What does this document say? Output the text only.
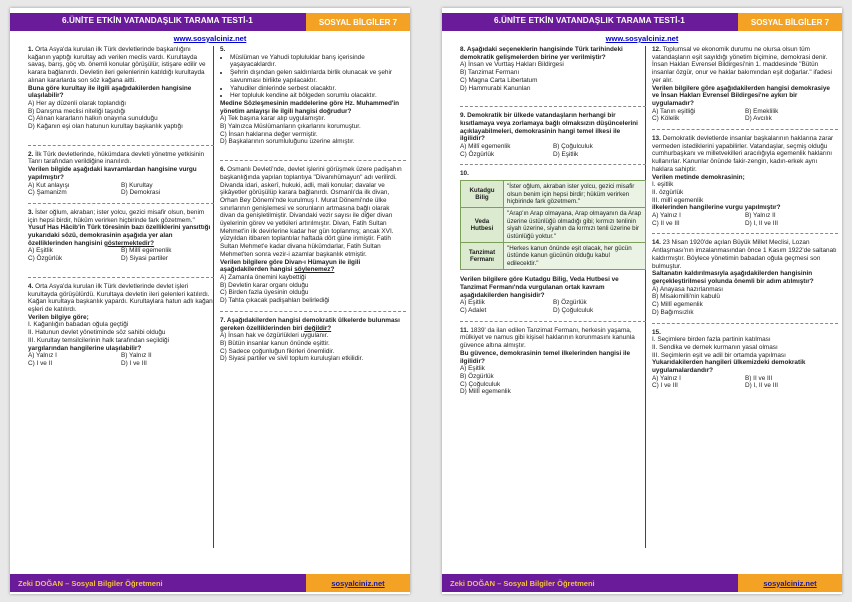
6.ÜNİTE ETKİN VATANDAŞLIK TARAMA TESTİ-1	SOSYAL BİLGİLER 7
www.sosyalciniz.net
1. Orta Asya'da kurulan ilk Türk devletlerinde başkanlığını kağanın yaptığı kurultay adı verilen meclis vardı. Kurultayda savaş, barış, göç vb. önemli konular görüşülür, istişare edilir ve karara bağlanırdı. Devletin ileri gelenlerinin katıldığı kurultayda alınan kararlarda son söz kağana aitti.
Buna göre kurultay ile ilgili aşağıdakilerden hangisine ulaşılabilir?
A) Her ay düzenli olarak toplandığı
B) Danışma meclisi niteliği taşıdığı
C) Alınan kararların halkın onayına sunulduğu
D) Kağanın eşi olan hatunun kurultay başkanlık yaptığı
2. İlk Türk devletlerinde, hükümdara devleti yönetme yetkisinin Tanrı tarafından verildiğine inanılırdı.
Verilen bilgide aşağıdaki kavramlardan hangisine vurgu yapılmıştır?
A) Kut anlayışı	B) Kurultay
C) Şamanizm	D) Demokrasi
3. İster oğlum, akraban; ister yolcu, gezici misafir olsun, benim için hepsi birdir, hüküm verirken hiçbirinde fark gözetmem."
Yusuf Has Hâcib'in Türk töresinin bazı özelliklerini yansıttığı yukarıdaki sözü, demokrasinin aşağıda yer alan özelliklerinden hangisini göstermektedir?
A) Eşitlik	B) Millî egemenlik
C) Özgürlük	D) Siyasi partiler
4. Orta Asya'da kurulan ilk Türk devletlerinde devlet işleri kurultayda görüşülürdü. Kurultaya devletin ileri gelenleri katılırdı. Kağan kurultaya başkanlık yapardı. Kurultaylara hatun adlı kağan eşleri de katılırdı.
Verilen bilgiye göre;
I. Kağanlığın babadan oğula geçtiği
II. Hatunun devlet yönetiminde söz sahibi olduğu
III. Kurultay temsilcilerinin halk tarafından seçildiği
yargılarından hangilerine ulaşılabilir?
A) Yalnız I	B) Yalnız II
C) I ve II	D) I ve III
5.
• Müslüman ve Yahudi topluluklar barış içerisinde yaşayacaklardır.
• Şehrin dışından gelen saldırılarda birlik olunacak ve şehir savunması birlikte yapılacaktır.
• Yahudiler dinlerinde serbest olacaktır.
• Her topluluk kendine ait bölgeden sorumlu olacaktır.
Medine Sözleşmesinin maddelerine göre Hz. Muhammed'in yönetim anlayışı ile ilgili hangisi doğrudur?
A) Tek başına karar alıp uygulamıştır.
B) Yalnızca Müslümanların çıkarlarını korumuştur.
C) İnsan haklarına değer vermiştir.
D) Başkalarının sorumluluğunu üzerine almıştır.
6. Osmanlı Devleti'nde, devlet işlerini görüşmek üzere padişahın başkanlığında yapılan toplantıya "Divanıhümayun" adı verilirdi. Divanda idari, askerî, hukuki, adli, mali konular; davalar ve şikâyetler görüşülüp karara bağlanırdı. Osmanlı'da ilk divan, Orhan Bey Dönemi'nde kurulmuş I. Murat Dönemi'nde ülke sınırlarının genişlemesi ve sorunların artmasına bağlı olarak divan da genişletilmiştir. Divandaki vezir sayısı ile diğer divan üyelerinin görev ve yetkileri artırılmıştır. Divan, Fatih Sultan Mehmet'in ilk devirlerine kadar her gün toplanmış; ancak XVI. yüzyıldan itibaren toplantılar haftada dört güne inmiştir. Fatih Sultan Mehmet'e kadar divana hükümdarlar, Fatih Sultan Mehmet'ten sonra vezir-i azamlar başkanlık etmiştir.
Verilen bilgilere göre Divan-ı Hümayun ile ilgili aşağıdakilerden hangisi söylenemez?
A) Zamanla önemini kaybettiği
B) Devletin karar organı olduğu
C) Birden fazla üyesinin olduğu
D) Tahta çıkacak padişahları belirlediği
7. Aşağıdakilerden hangisi demokratik ülkelerde bulunması gereken özelliklerinden biri değildir?
A) İnsan hak ve özgürlükleri uygulanır.
B) Bütün insanlar kanun önünde eşittir.
C) Sadece çoğunluğun fikirleri önemlidir.
D) Siyasi partiler ve sivil toplum kuruluşları etkilidir.
Zeki DOĞAN – Sosyal Bilgiler Öğretmeni	sosyalciniz.net
6.ÜNİTE ETKİN VATANDAŞLIK TARAMA TESTİ-1	SOSYAL BİLGİLER 7
www.sosyalciniz.net
8. Aşağıdaki seçeneklerin hangisinde Türk tarihindeki demokratik gelişmelerden birine yer verilmiştir?
A) İnsan ve Vurttaş Hakları Bildirgesi
B) Tanzimat Fermanı
C) Magna Carta Libertatum
D) Hammurabi Kanunları
9. Demokratik bir ülkede vatandaşların herhangi bir kısıtlamaya veya zorlamaya bağlı olmaksızın düşüncelerini açıklayabilmeleri, demokrasinin hangi temel ilkesi ile ilgilidir?
A) Millî egemenlik	B) Çoğulculuk
C) Özgürlük	D) Eşitlik
10.
Kutadgu Bilig	"İster oğlum, akraban ister yolcu, gezici misafir olsun benim için hepsi birdir; hüküm verirken hiçbirinde fark gözetmem."
Veda Hutbesi	"Arap'ın Arap olmayana, Arap olmayanın da Arap üzerine üstünlüğü olmadığı gibi; kırmızı tenlinin siyah üzerine, siyahın da kırmızı tenli üzerine bir üstünlüğü yoktur."
Tanzimat Fermanı	"Herkes kanun önünde eşit olacak, her gücün üstünde kanun gücünün olduğu kabul edilecektir."
Verilen bilgilere göre Kutadgu Bilig, Veda Hutbesi ve Tanzimat Fermanı'nda vurgulanan ortak kavram aşağıdakilerden hangisidir?
A) Eşitlik	B) Özgürlük
C) Adalet	D) Çoğulculuk
11. 1839' da ilan edilen Tanzimat Fermanı, herkesin yaşama, mülkiyet ve namus gibi kişisel haklarının korunmasını kanunla güvence altına almıştır.
Bu güvence, demokrasinin temel ilkelerinden hangisi ile ilgilidir?
A) Eşitlik
B) Özgürlük
C) Çoğulculuk
D) Millî egemenlik
12. Toplumsal ve ekonomik durumu ne olursa olsun tüm vatandaşların eşit sayıldığı yönetim biçimine, demokrasi denir. İnsan Hakları Evrensel Bildirgesi'nin 1. maddesinde "Bütün insanlar özgür, onur ve haklar bakımından eşit doğarlar." ifadesi yer alır.
Verilen bilgilere göre aşağıdakilerden hangisi demokrasiye ve İnsan Hakları Evrensel Bildirgesi'ne aykırı bir uygulamadır?
A) Tanın eşitliği	B) Emeklilik
C) Kölelik	D) Avcılık
13. Demokratik devletlerde insanlar başkalarının haklarına zarar vermeden istediklerini yapabilirler. Vatandaşlar, seçmiş olduğu cumhurbaşkanı ve milletvekilleri aracılığıyla egemenlik haklarını kullanırlar. Kanunlar önünde fakir-zengin, kadın-erkek aynı haklara sahiptir.
Verilen metinde demokrasinin;
I. eşitlik
II. özgürlük
III. millî egemenlik
ilkelerinden hangilerine vurgu yapılmıştır?
A) Yalnız I	B) Yalnız II
C) II ve III	D) I, II ve III
14. 23 Nisan 1920'de açılan Büyük Millet Meclisi, Lozan Antlaşması'nın imzalanmasından önce 1 Kasım 1922'de saltanatı kaldırmıştır. Böylece yönetimin babadan oğula geçmesi son bulmuştur.
Saltanatın kaldırılmasıyla aşağıdakilerden hangisinin gerçekleştirilmesi yolunda önemli bir adım atılmıştır?
A) Anayasa hazırlanması
B) Misakımilli'nin kabulü
C) Millî egemenlik
D) Bağımsızlık
15.
I. Seçimlere birden fazla partinin katılması
II. Sendika ve dernek kurmanın yasal olması
III. Seçimlerin eşit ve adil bir ortamda yapılması
Yukarıdakilerden hangileri ülkemizdeki demokratik uygulamalardandır?
A) Yalnız I	B) II ve III
C) I ve III	D) I, II ve III
Zeki DOĞAN – Sosyal Bilgiler Öğretmeni	sosyalciniz.net
